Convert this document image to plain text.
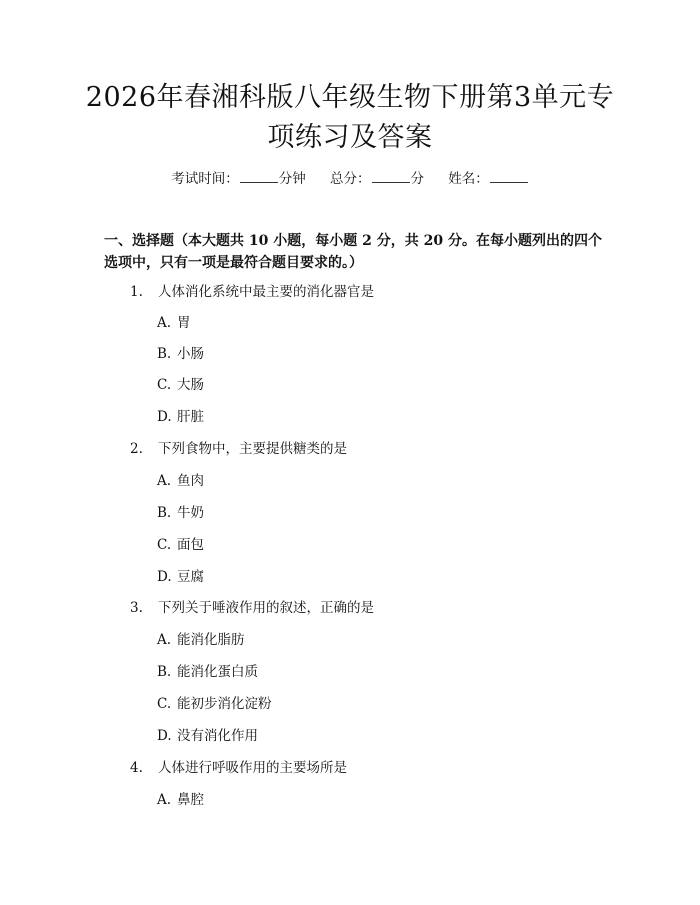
2026年春湘科版八年级生物下册第3单元专
项练习及答案
考试时间：	分钟 总分：	分 姓名：
一、选择题（本大题共 10 小题，每小题 2 分，共 20 分。在每小题列出的四个选项中，只有一项是最符合题目要求的。）
1. 人体消化系统中最主要的消化器官是
A. 胃
B. 小肠
C. 大肠
D. 肝脏
2. 下列食物中，主要提供糖类的是
A. 鱼肉
B. 牛奶
C. 面包
D. 豆腐
3. 下列关于唾液作用的叙述，正确的是
A. 能消化脂肪
B. 能消化蛋白质
C. 能初步消化淀粉
D. 没有消化作用
4. 人体进行呼吸作用的主要场所是
A. 鼻腔
